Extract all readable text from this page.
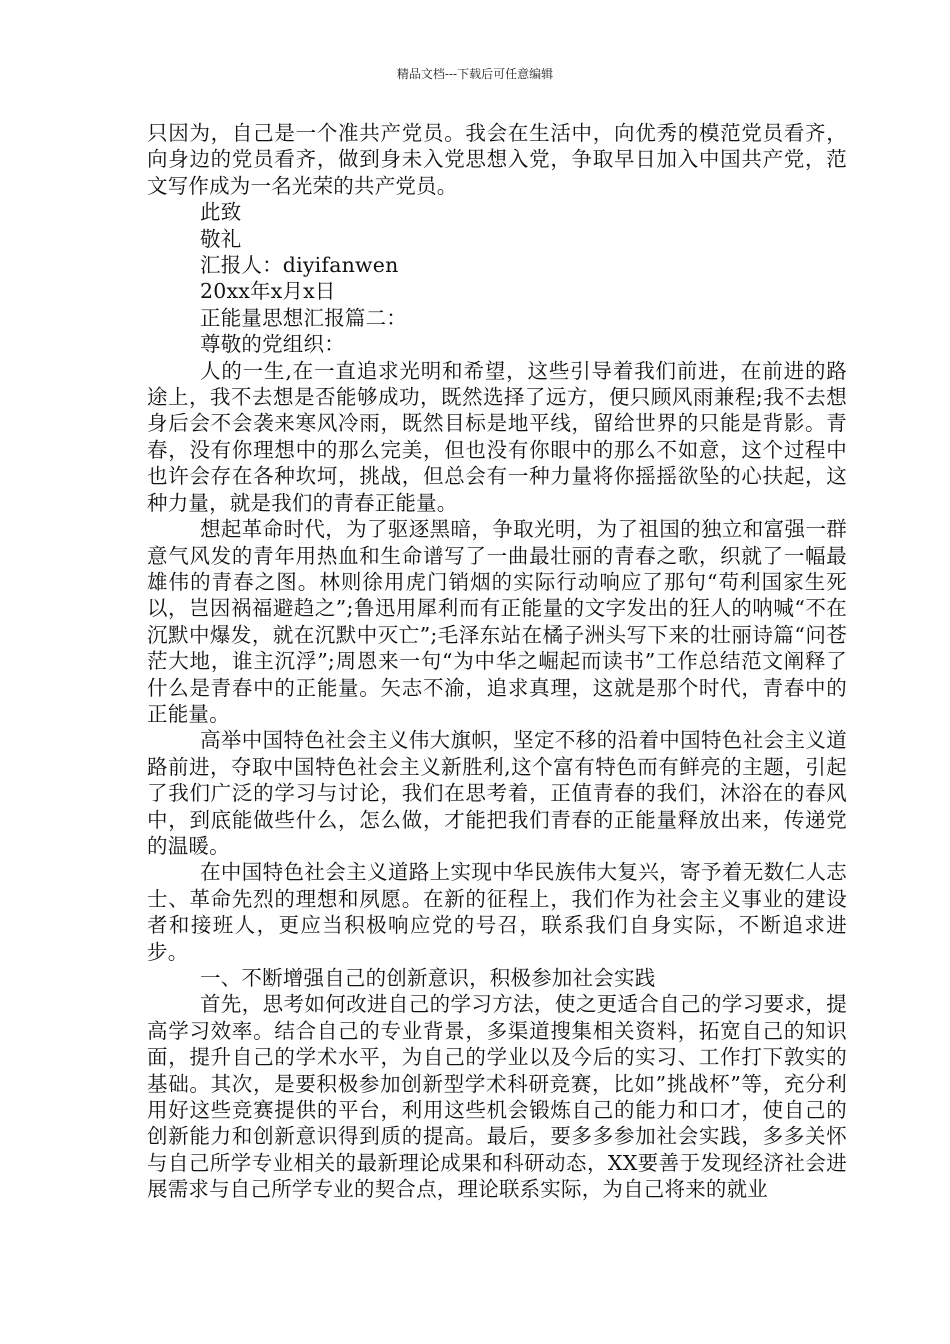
精品文档---下载后可任意编辑

只因为，自己是一个准共产党员。我会在生活中，向优秀的模范党员看齐，向身边的党员看齐，做到身未入党思想入党，争取早日加入中国共产党，范文写作成为一名光荣的共产党员。

此致

敬礼

汇报人：diyifanwen

20xx年x月x日

正能量思想汇报篇二：

尊敬的党组织：

人的一生,在一直追求光明和希望，这些引导着我们前进，在前进的路途上，我不去想是否能够成功，既然选择了远方，便只顾风雨兼程;我不去想身后会不会袭来寒风冷雨，既然目标是地平线，留给世界的只能是背影。青春，没有你理想中的那么完美，但也没有你眼中的那么不如意，这个过程中也许会存在各种坎坷，挑战，但总会有一种力量将你摇摇欲坠的心扶起，这种力量，就是我们的青春正能量。

想起革命时代，为了驱逐黑暗，争取光明，为了祖国的独立和富强一群意气风发的青年用热血和生命谱写了一曲最壮丽的青春之歌，织就了一幅最雄伟的青春之图。林则徐用虎门销烟的实际行动响应了那句“苟利国家生死以，岂因祸福避趋之”;鲁迅用犀利而有正能量的文字发出的狂人的呐喊“不在沉默中爆发，就在沉默中灭亡”;毛泽东站在橘子洲头写下来的壮丽诗篇“问苍茫大地，谁主沉浮”;周恩来一句“为中华之崛起而读书”工作总结范文阐释了什么是青春中的正能量。矢志不渝，追求真理，这就是那个时代，青春中的正能量。

高举中国特色社会主义伟大旗帜，坚定不移的沿着中国特色社会主义道路前进，夺取中国特色社会主义新胜利,这个富有特色而有鲜亮的主题，引起了我们广泛的学习与讨论，我们在思考着，正值青春的我们，沐浴在的春风中，到底能做些什么，怎么做，才能把我们青春的正能量释放出来，传递党的温暖。

在中国特色社会主义道路上实现中华民族伟大复兴，寄予着无数仁人志士、革命先烈的理想和夙愿。在新的征程上，我们作为社会主义事业的建设者和接班人，更应当积极响应党的号召，联系我们自身实际，不断追求进步。

一、不断增强自己的创新意识，积极参加社会实践

首先，思考如何改进自己的学习方法，使之更适合自己的学习要求，提高学习效率。结合自己的专业背景，多渠道搜集相关资料，拓宽自己的知识面，提升自己的学术水平，为自己的学业以及今后的实习、工作打下敦实的基础。其次，是要积极参加创新型学术科研竞赛，比如”挑战杯”等，充分利用好这些竞赛提供的平台，利用这些机会锻炼自己的能力和口才，使自己的创新能力和创新意识得到质的提高。最后，要多多参加社会实践，多多关怀与自己所学专业相关的最新理论成果和科研动态，XX要善于发现经济社会进展需求与自己所学专业的契合点，理论联系实际，为自己将来的就业
